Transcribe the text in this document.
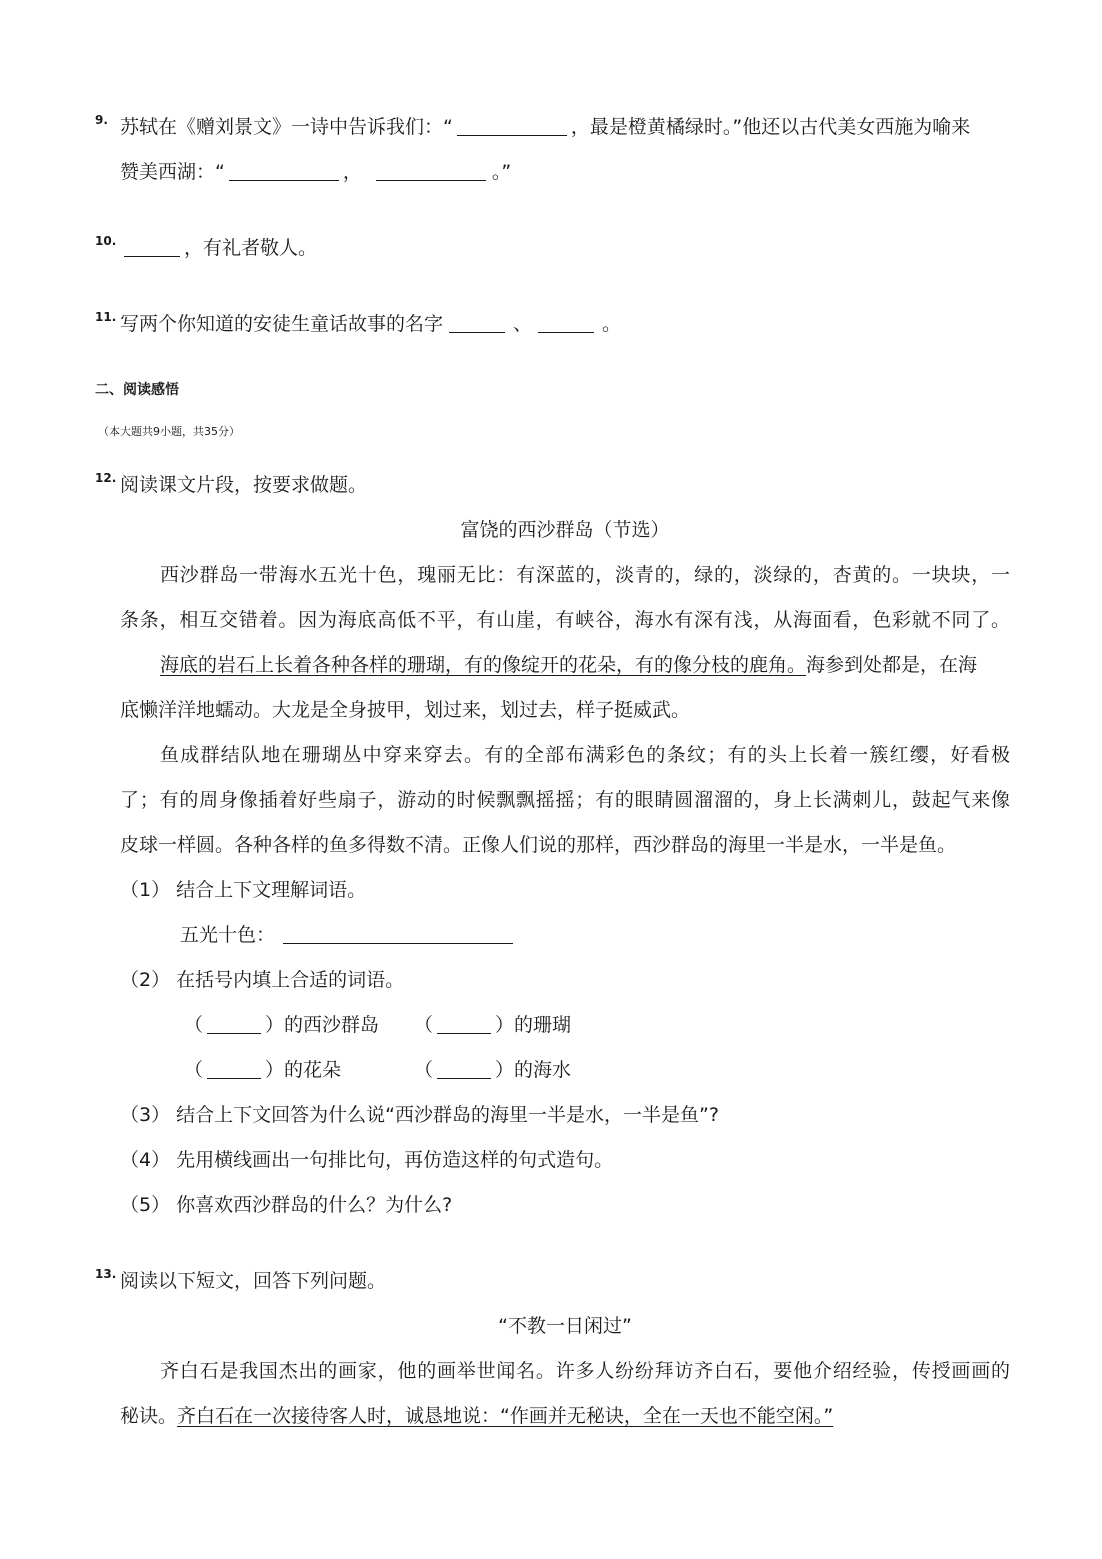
9. 苏轼在《赠刘景文》一诗中告诉我们：“	，最是橙黄橘绿时。”他还以古代美女西施为喻来
赞美西湖：“	，	。”
10.	，有礼者敬人。
11. 写两个你知道的安徒生童话故事的名字	、	。
二、阅读感悟
（本大题共9小题，共35分）
12. 阅读课文片段，按要求做题。
富饶的西沙群岛（节选）
西沙群岛一带海水五光十色，瑰丽无比：有深蓝的，淡青的，绿的，淡绿的，杏黄的。一块块，一
条条，相互交错着。因为海底高低不平，有山崖，有峡谷，海水有深有浅，从海面看，色彩就不同了。
海底的岩石上长着各种各样的珊瑚，有的像绽开的花朵，有的像分枝的鹿角。海参到处都是，在海
底懒洋洋地蠕动。大龙是全身披甲，划过来，划过去，样子挺威武。
鱼成群结队地在珊瑚丛中穿来穿去。有的全部布满彩色的条纹；有的头上长着一簇红缨，好看极
了；有的周身像插着好些扇子，游动的时候飘飘摇摇；有的眼睛圆溜溜的，身上长满刺儿，鼓起气来像
皮球一样圆。各种各样的鱼多得数不清。正像人们说的那样，西沙群岛的海里一半是水，一半是鱼。
（1） 结合上下文理解词语。
五光十色：
（2） 在括号内填上合适的词语。
（	）的西沙群岛 （	）的珊瑚
（	）的花朵	（	）的海水
（3） 结合上下文回答为什么说“西沙群岛的海里一半是水，一半是鱼”?
（4） 先用横线画出一句排比句，再仿造这样的句式造句。
（5） 你喜欢西沙群岛的什么？为什么?
13. 阅读以下短文，回答下列问题。
“不教一日闲过”
齐白石是我国杰出的画家，他的画举世闻名。许多人纷纷拜访齐白石，要他介绍经验，传授画画的
秘诀。齐白石在一次接待客人时，诚恳地说：“作画并无秘诀，全在一天也不能空闲。”
